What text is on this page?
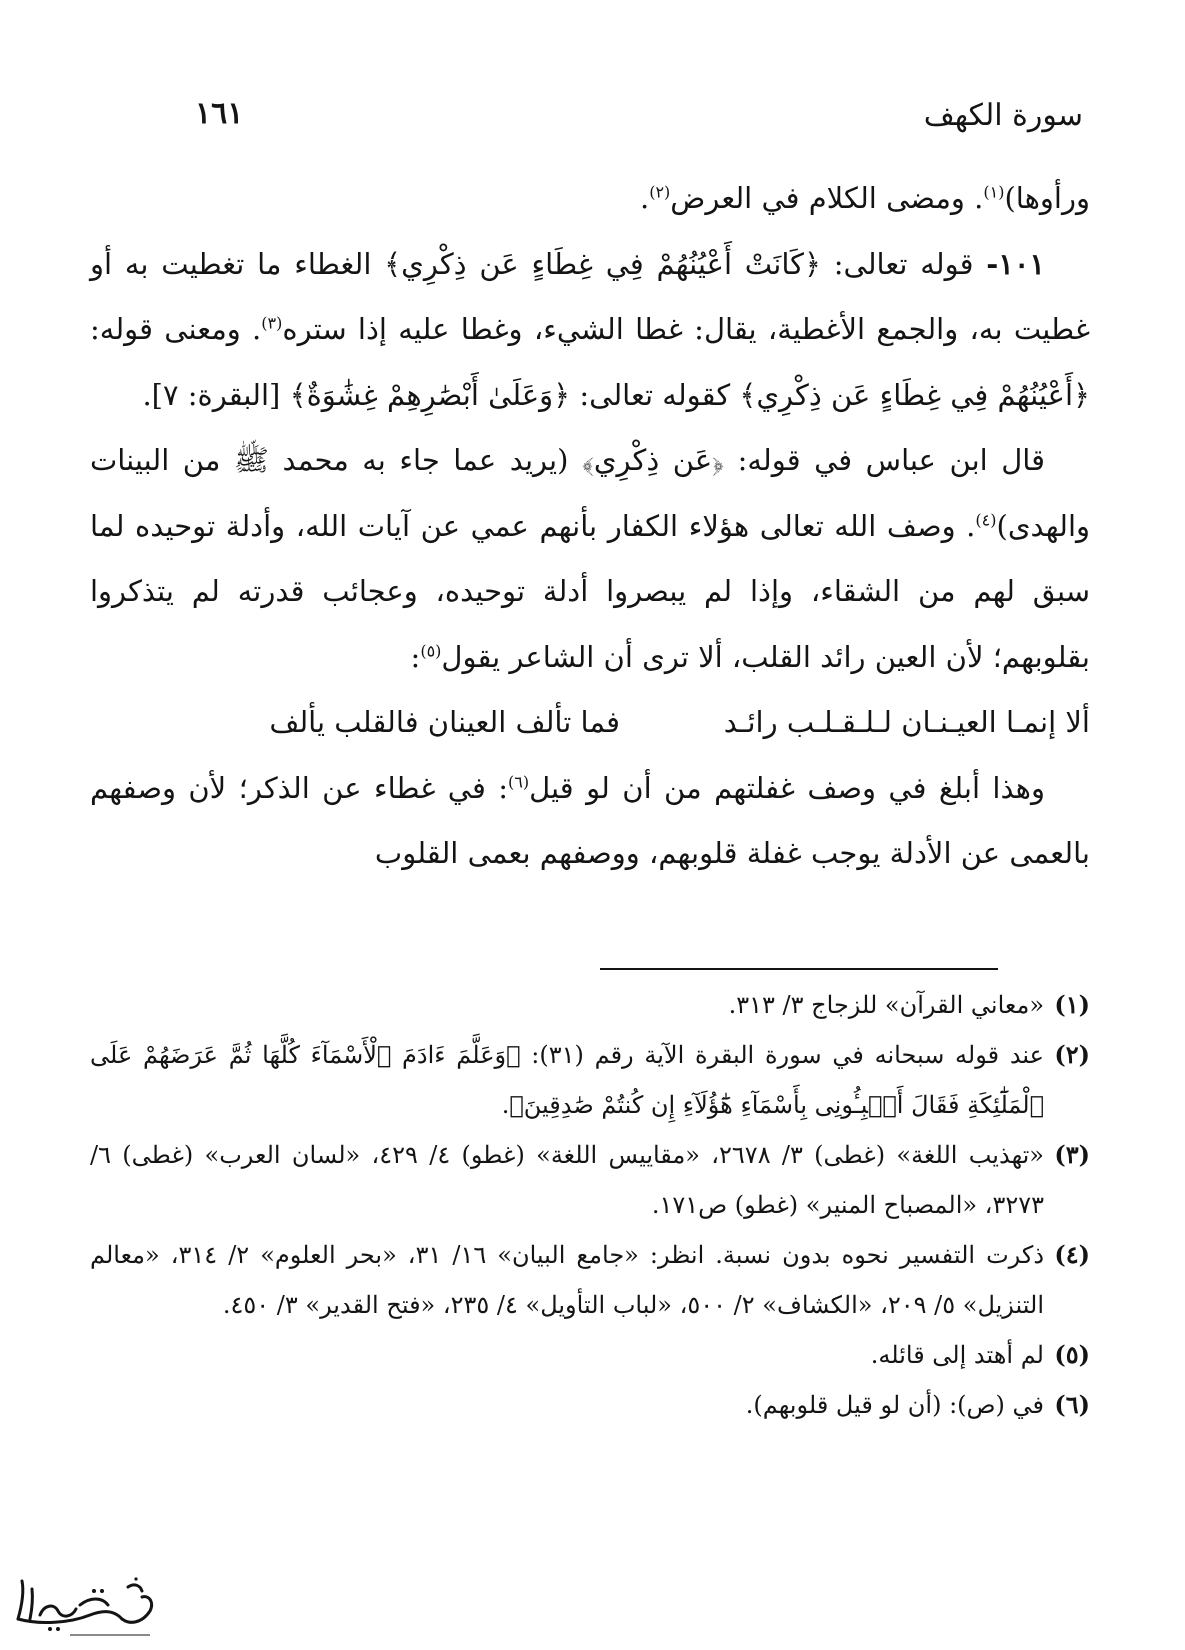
سورة الكهف
١٦١

ورأوها)$^{(١)}$. ومضى الكلام في العرض$^{(٢)}$.

١٠١- قوله تعالى: ﴿كَانَتْ أَعْيُنُهُمْ فِي غِطَاءٍ عَن ذِكْرِي﴾ الغطاء ما تغطيت به أو غطيت به، والجمع الأغطية، يقال: غطا الشيء، وغطا عليه إذا ستره$^{(٣)}$. ومعنى قوله: ﴿أَعْيُنُهُمْ فِي غِطَاءٍ عَن ذِكْرِي﴾ كقوله تعالى: ﴿وَعَلَىٰ أَبْصَٰرِهِمْ غِشَٰوَةٌ﴾ [البقرة: ٧].

قال ابن عباس في قوله: ﴿عَن ذِكْرِي﴾ (يريد عما جاء به محمد ﷺ من البينات والهدى)$^{(٤)}$. وصف الله تعالى هؤلاء الكفار بأنهم عمي عن آيات الله، وأدلة توحيده لما سبق لهم من الشقاء، وإذا لم يبصروا أدلة توحيده، وعجائب قدرته لم يتذكروا بقلوبهم؛ لأن العين رائد القلب، ألا ترى أن الشاعر يقول$^{(٥)}$:

ألا إنمـا العيـنـان لـلـقـلـب رائـدفما تألف العينان فالقلب يألف

وهذا أبلغ في وصف غفلتهم من أن لو قيل$^{(٦)}$: في غطاء عن الذكر؛ لأن وصفهم بالعمى عن الأدلة يوجب غفلة قلوبهم، ووصفهم بعمى القلوب

(١)
«معاني القرآن» للزجاج ٣/ ٣١٣.
(٢)
عند قوله سبحانه في سورة البقرة الآية رقم (٣١): ﴿وَعَلَّمَ ءَادَمَ ٱلْأَسْمَآءَ كُلَّهَا ثُمَّ عَرَضَهُمْ عَلَى ٱلْمَلَٰٓئِكَةِ فَقَالَ أَنۢبِـُٔونِى بِأَسْمَآءِ هَٰٓؤُلَآءِ إِن كُنتُمْ صَٰدِقِينَ﴾.
(٣)
«تهذيب اللغة» (غطى) ٣/ ٢٦٧٨، «مقاييس اللغة» (غطو) ٤/ ٤٢٩، «لسان العرب» (غطى) ٦/ ٣٢٧٣، «المصباح المنير» (غطو) ص١٧١.
(٤)
ذكرت التفسير نحوه بدون نسبة. انظر: «جامع البيان» ١٦/ ٣١، «بحر العلوم» ٢/ ٣١٤، «معالم التنزيل» ٥/ ٢٠٩، «الكشاف» ٢/ ٥٠٠، «لباب التأويل» ٤/ ٢٣٥، «فتح القدير» ٣/ ٤٥٠.
(٥)
لم أهتد إلى قائله.
(٦)
في (ص): (أن لو قيل قلوبهم).
